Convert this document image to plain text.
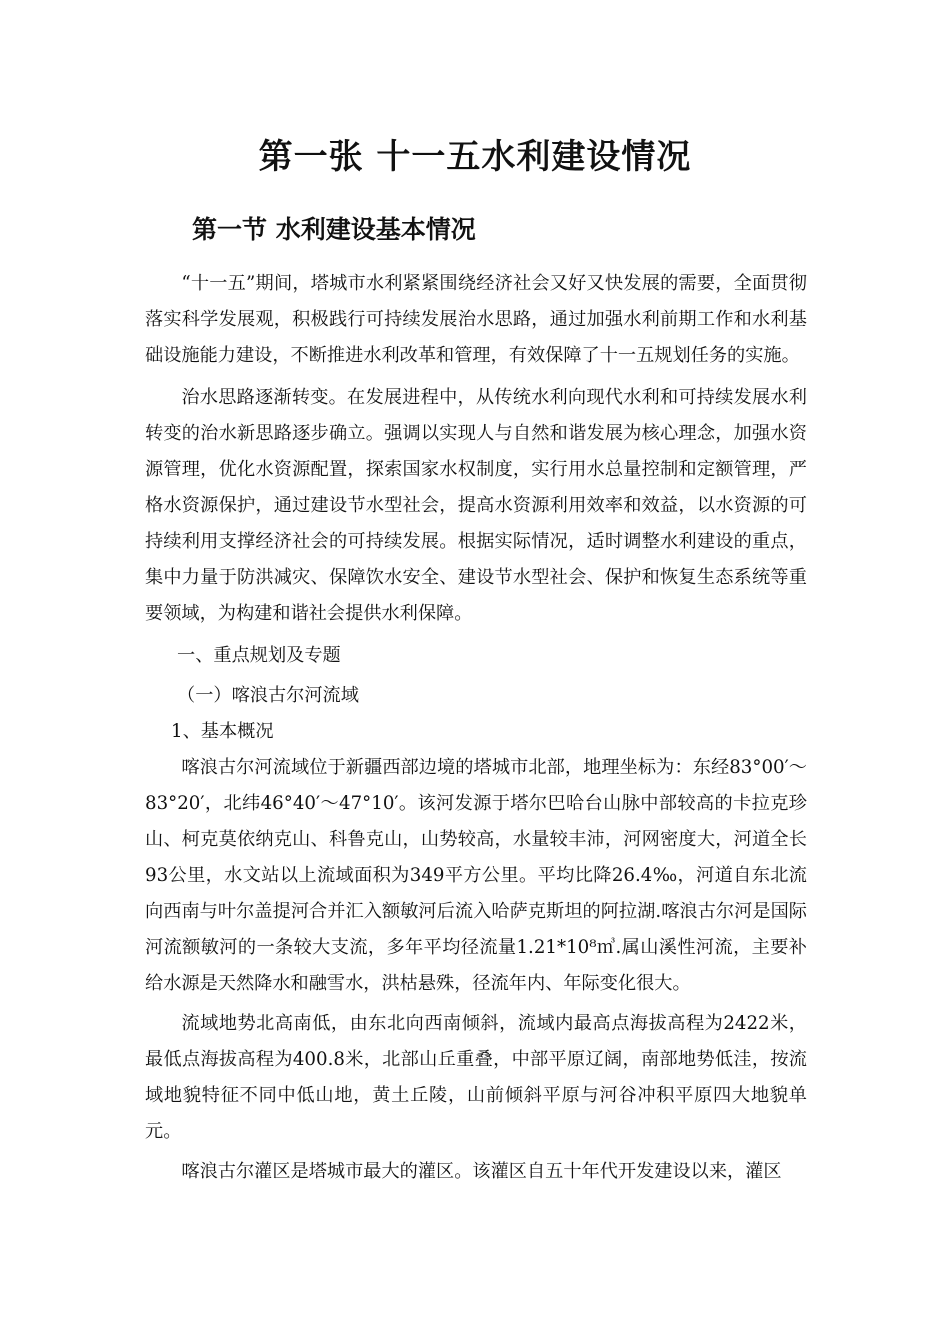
第一张 十一五水利建设情况
第一节 水利建设基本情况

“十一五”期间，塔城市水利紧紧围绕经济社会又好又快发展的需要，全面贯彻落实科学发展观，积极践行可持续发展治水思路，通过加强水利前期工作和水利基础设施能力建设，不断推进水利改革和管理，有效保障了十一五规划任务的实施。

治水思路逐渐转变。在发展进程中，从传统水利向现代水利和可持续发展水利转变的治水新思路逐步确立。强调以实现人与自然和谐发展为核心理念，加强水资源管理，优化水资源配置，探索国家水权制度，实行用水总量控制和定额管理，严格水资源保护，通过建设节水型社会，提高水资源利用效率和效益，以水资源的可持续利用支撑经济社会的可持续发展。根据实际情况，适时调整水利建设的重点，集中力量于防洪减灾、保障饮水安全、建设节水型社会、保护和恢复生态系统等重要领域，为构建和谐社会提供水利保障。

一、重点规划及专题

（一）喀浪古尔河流域

1、基本概况

喀浪古尔河流域位于新疆西部边境的塔城市北部，地理坐标为：东经83°00′～83°20′，北纬46°40′～47°10′。该河发源于塔尔巴哈台山脉中部较高的卡拉克珍山、柯克莫依纳克山、科鲁克山，山势较高，水量较丰沛，河网密度大，河道全长93公里，水文站以上流域面积为349平方公里。平均比降26.4‰，河道自东北流向西南与叶尔盖提河合并汇入额敏河后流入哈萨克斯坦的阿拉湖.喀浪古尔河是国际河流额敏河的一条较大支流，多年平均径流量1.21*10⁸㎥.属山溪性河流，主要补给水源是天然降水和融雪水，洪枯悬殊，径流年内、年际变化很大。

流域地势北高南低，由东北向西南倾斜，流域内最高点海拔高程为2422米，最低点海拔高程为400.8米，北部山丘重叠，中部平原辽阔，南部地势低洼，按流域地貌特征不同中低山地，黄土丘陵，山前倾斜平原与河谷冲积平原四大地貌单元。

喀浪古尔灌区是塔城市最大的灌区。该灌区自五十年代开发建设以来，灌区
